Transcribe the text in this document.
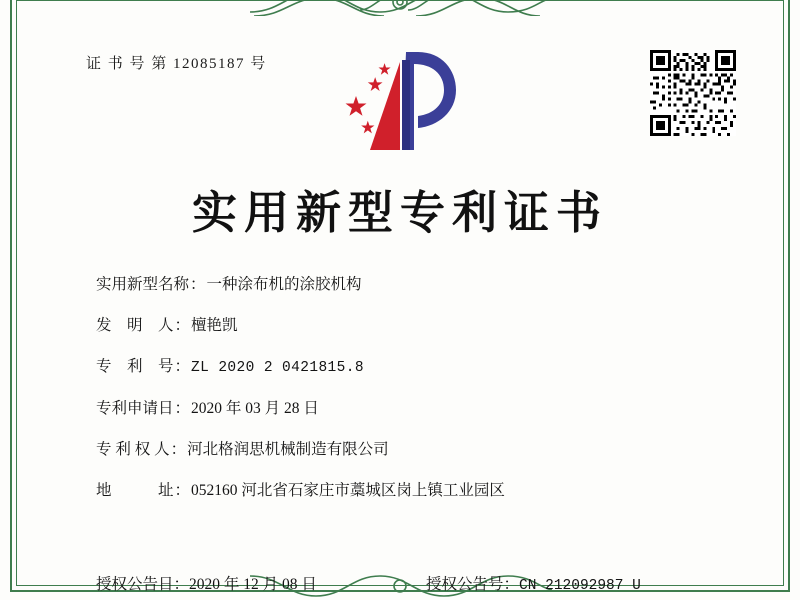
证 书 号 第 12085187 号
实用新型专利证书
实用新型名称 ： 一种涂布机的涂胶机构
发　明　人 ： 檀艳凯
专　利　号 ： ZL 2020 2 0421815.8
专利申请日 ： 2020 年 03 月 28 日
专 利 权 人 ： 河北格润思机械制造有限公司
地　　　址 ： 052160 河北省石家庄市藁城区岗上镇工业园区
授权公告日：2020 年 12 月 08 日	授权公告号：CN 212092987 U
